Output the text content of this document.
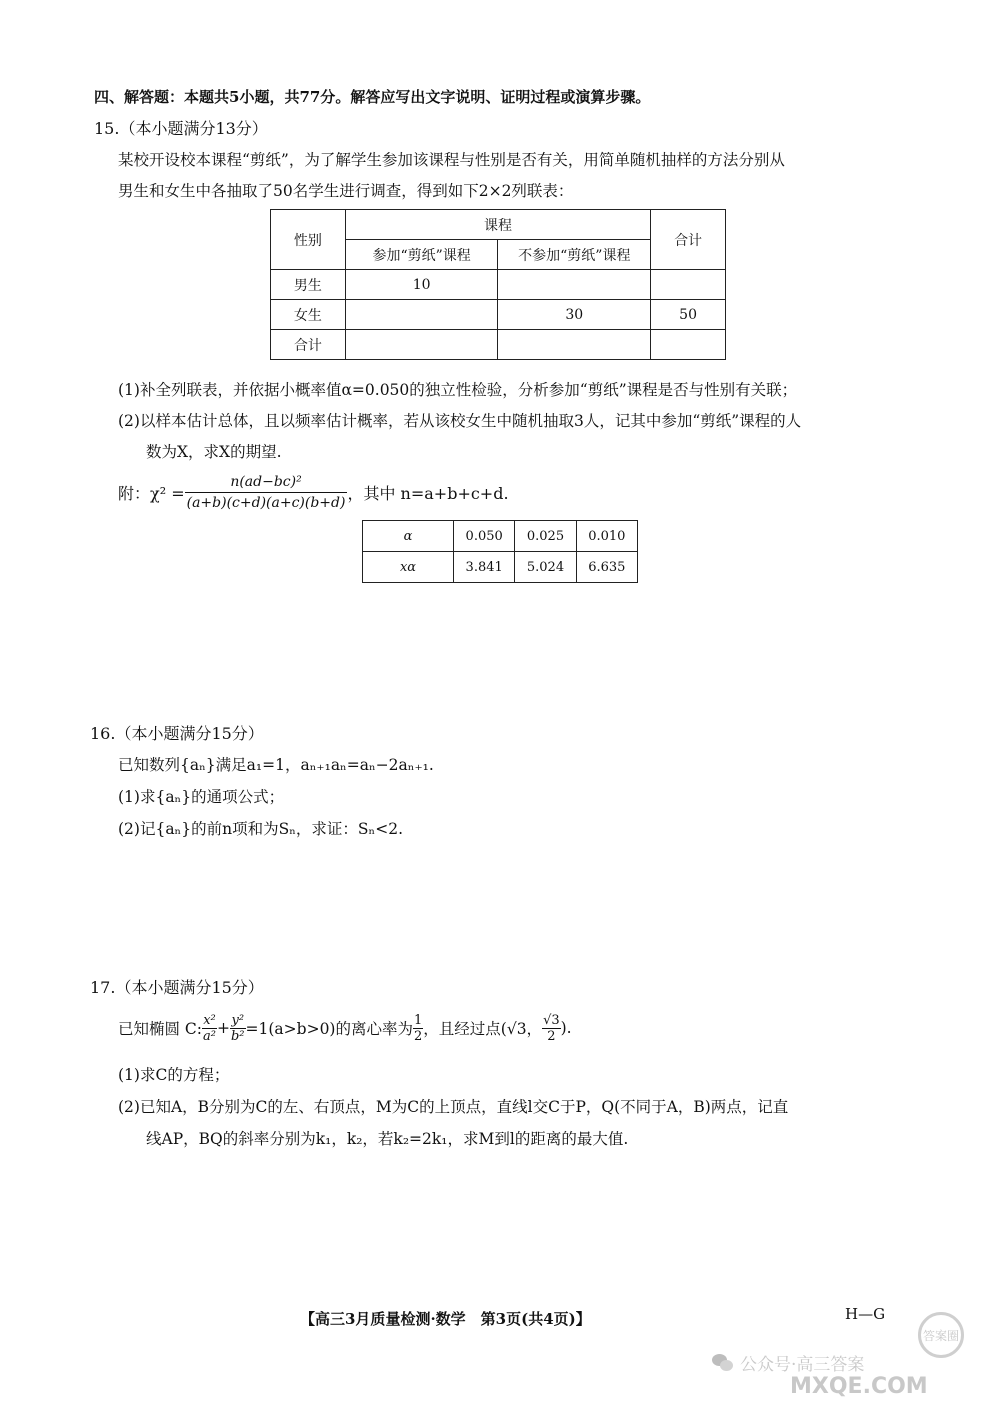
四、解答题：本题共5小题，共77分。解答应写出文字说明、证明过程或演算步骤。
15.（本小题满分13分）
某校开设校本课程“剪纸”，为了解学生参加该课程与性别是否有关，用简单随机抽样的方法分别从
男生和女生中各抽取了50名学生进行调查，得到如下2×2列联表：
性别	课程		合计
	参加“剪纸”课程	不参加“剪纸”课程	
男生	10		
女生		30	50
合计			
(1)补全列联表，并依据小概率值α=0.050的独立性检验，分析参加“剪纸”课程是否与性别有关联；
(2)以样本估计总体，且以频率估计概率，若从该校女生中随机抽取3人，记其中参加“剪纸”课程的人
数为X，求X的期望.
附：$\chi^2 = \frac{\text{n(ad−bc)²}}{(a+b)(c+d)(a+c)(b+d)}$ ，其中 n=a+b+c+d.
α	0.050	0.025	0.010
xα	3.841	5.024	6.635
16.（本小题满分15分）
已知数列{aₙ}满足a₁=1，aₙ₊₁aₙ=aₙ−2aₙ₊₁.
(1)求{aₙ}的通项公式；
(2)记{aₙ}的前n项和为Sₙ，求证：Sₙ<2.
17.（本小题满分15分）
已知椭圆 C: $\frac{\text{x²}}{\text{a²}} + \frac{\text{y²}}{\text{b²}} =1(a>b>0)$的离心率为 $\frac{1}{2}$ ，且经过点(√3， $\frac{√3}{2}$ ).
(1)求C的方程；
(2)已知A，B分别为C的左、右顶点，M为C的上顶点，直线l交C于P，Q(不同于A，B)两点，记直
线AP，BQ的斜率分别为k₁，k₂，若k₂=2k₁，求M到l的距离的最大值.
【高三3月质量检测·数学　第3页(共4页)】	H—G
答案圈
公众号·高三答案
MXQE.COM
